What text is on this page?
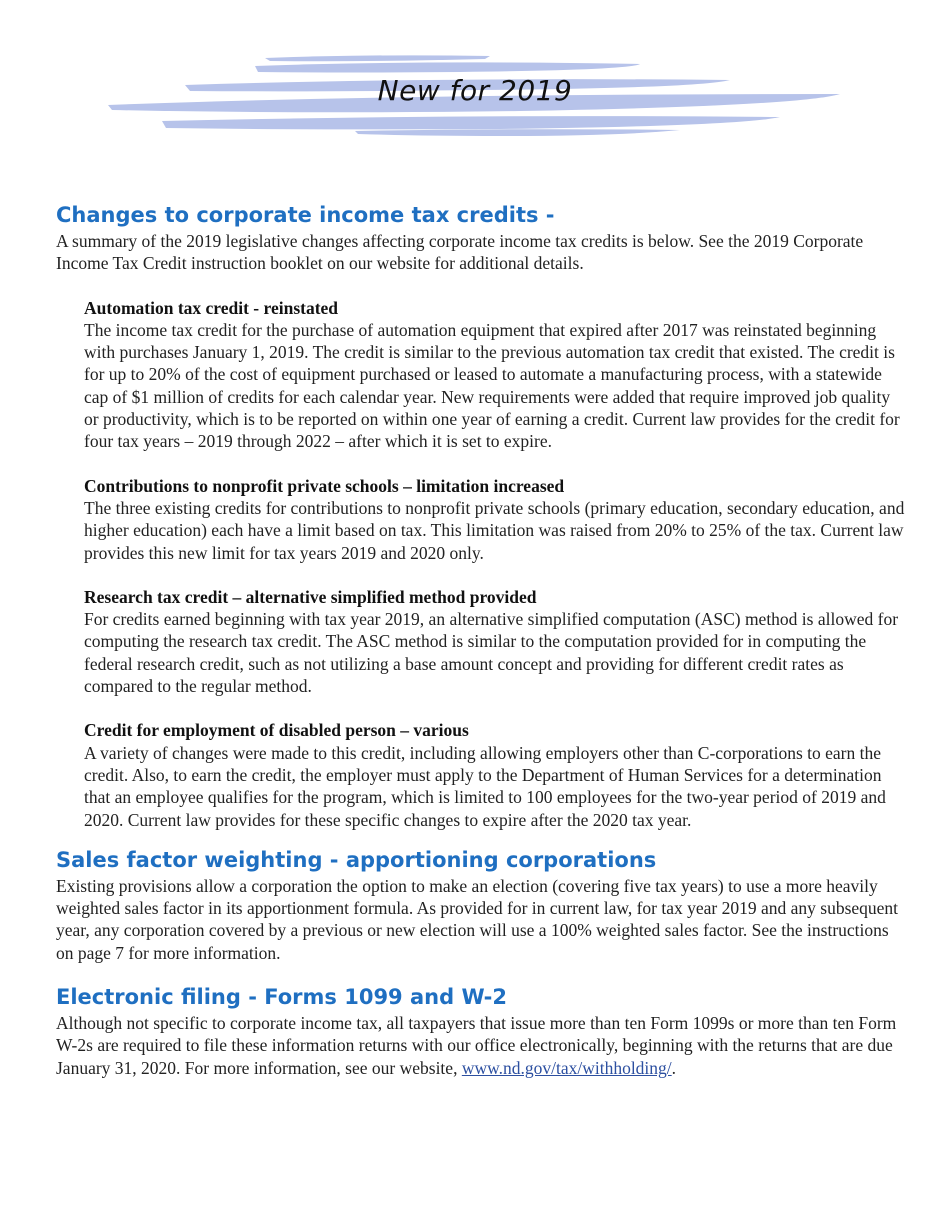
New for 2019
Changes to corporate income tax credits -

A summary of the 2019 legislative changes affecting corporate income tax credits is below. See the 2019 Corporate Income Tax Credit instruction booklet on our website for additional details.

Automation tax credit - reinstated

The income tax credit for the purchase of automation equipment that expired after 2017 was reinstated beginning with purchases January 1, 2019. The credit is similar to the previous automation tax credit that existed. The credit is for up to 20% of the cost of equipment purchased or leased to automate a manufacturing process, with a statewide cap of $1 million of credits for each calendar year. New requirements were added that require improved job quality or productivity, which is to be reported on within one year of earning a credit. Current law provides for the credit for four tax years – 2019 through 2022 – after which it is set to expire.

Contributions to nonprofit private schools – limitation increased

The three existing credits for contributions to nonprofit private schools (primary education, secondary education, and higher education) each have a limit based on tax. This limitation was raised from 20% to 25% of the tax. Current law provides this new limit for tax years 2019 and 2020 only.

Research tax credit – alternative simplified method provided

For credits earned beginning with tax year 2019, an alternative simplified computation (ASC) method is allowed for computing the research tax credit. The ASC method is similar to the computation provided for in computing the federal research credit, such as not utilizing a base amount concept and providing for different credit rates as compared to the regular method.

Credit for employment of disabled person – various

A variety of changes were made to this credit, including allowing employers other than C-corporations to earn the credit. Also, to earn the credit, the employer must apply to the Department of Human Services for a determination that an employee qualifies for the program, which is limited to 100 employees for the two-year period of 2019 and 2020. Current law provides for these specific changes to expire after the 2020 tax year.

Sales factor weighting - apportioning corporations

Existing provisions allow a corporation the option to make an election (covering five tax years) to use a more heavily weighted sales factor in its apportionment formula. As provided for in current law, for tax year 2019 and any subsequent year, any corporation covered by a previous or new election will use a 100% weighted sales factor. See the instructions on page 7 for more information.

Electronic filing - Forms 1099 and W-2

Although not specific to corporate income tax, all taxpayers that issue more than ten Form 1099s or more than ten Form W-2s are required to file these information returns with our office electronically, beginning with the returns that are due January 31, 2020. For more information, see our website, www.nd.gov/tax/withholding/.
